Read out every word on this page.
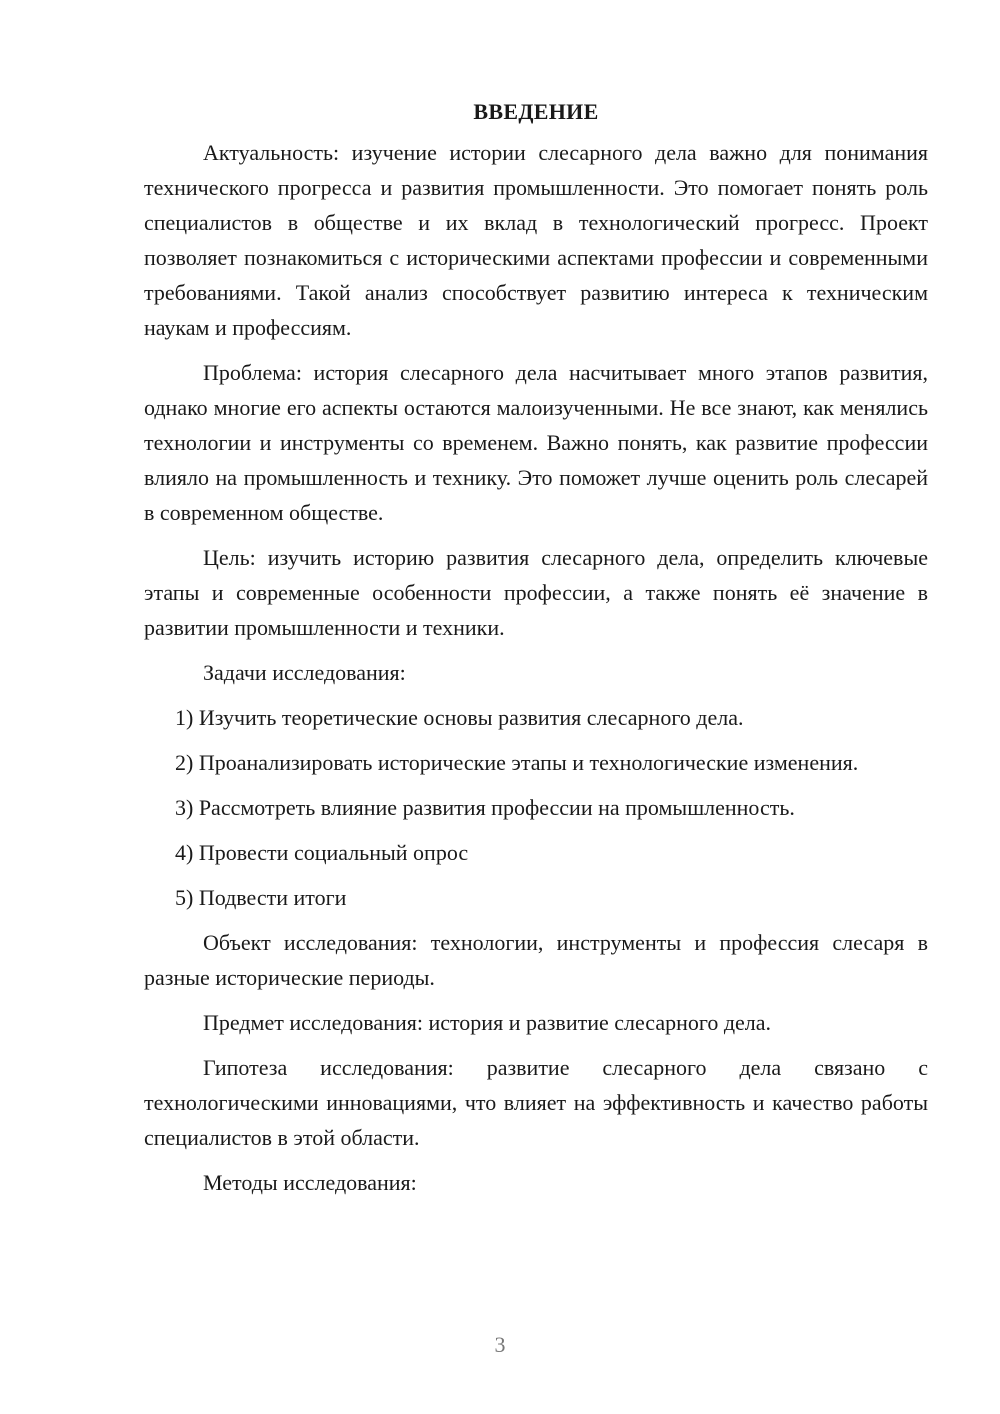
ВВЕДЕНИЕ

Актуальность: изучение истории слесарного дела важно для понимания технического прогресса и развития промышленности. Это помогает понять роль специалистов в обществе и их вклад в технологический прогресс. Проект позволяет познакомиться с историческими аспектами профессии и современными требованиями. Такой анализ способствует развитию интереса к техническим наукам и профессиям.

Проблема: история слесарного дела насчитывает много этапов развития, однако многие его аспекты остаются малоизученными. Не все знают, как менялись технологии и инструменты со временем. Важно понять, как развитие профессии влияло на промышленность и технику. Это поможет лучше оценить роль слесарей в современном обществе.

Цель: изучить историю развития слесарного дела, определить ключевые этапы и современные особенности профессии, а также понять её значение в развитии промышленности и техники.

Задачи исследования:

1) Изучить теоретические основы развития слесарного дела.

2) Проанализировать исторические этапы и технологические изменения.

3) Рассмотреть влияние развития профессии на промышленность.

4) Провести социальный опрос

5) Подвести итоги

Объект исследования: технологии, инструменты и профессия слесаря в разные исторические периоды.

Предмет исследования: история и развитие слесарного дела.

Гипотеза исследования: развитие слесарного дела связано с технологическими инновациями, что влияет на эффективность и качество работы специалистов в этой области.

Методы исследования:

3
